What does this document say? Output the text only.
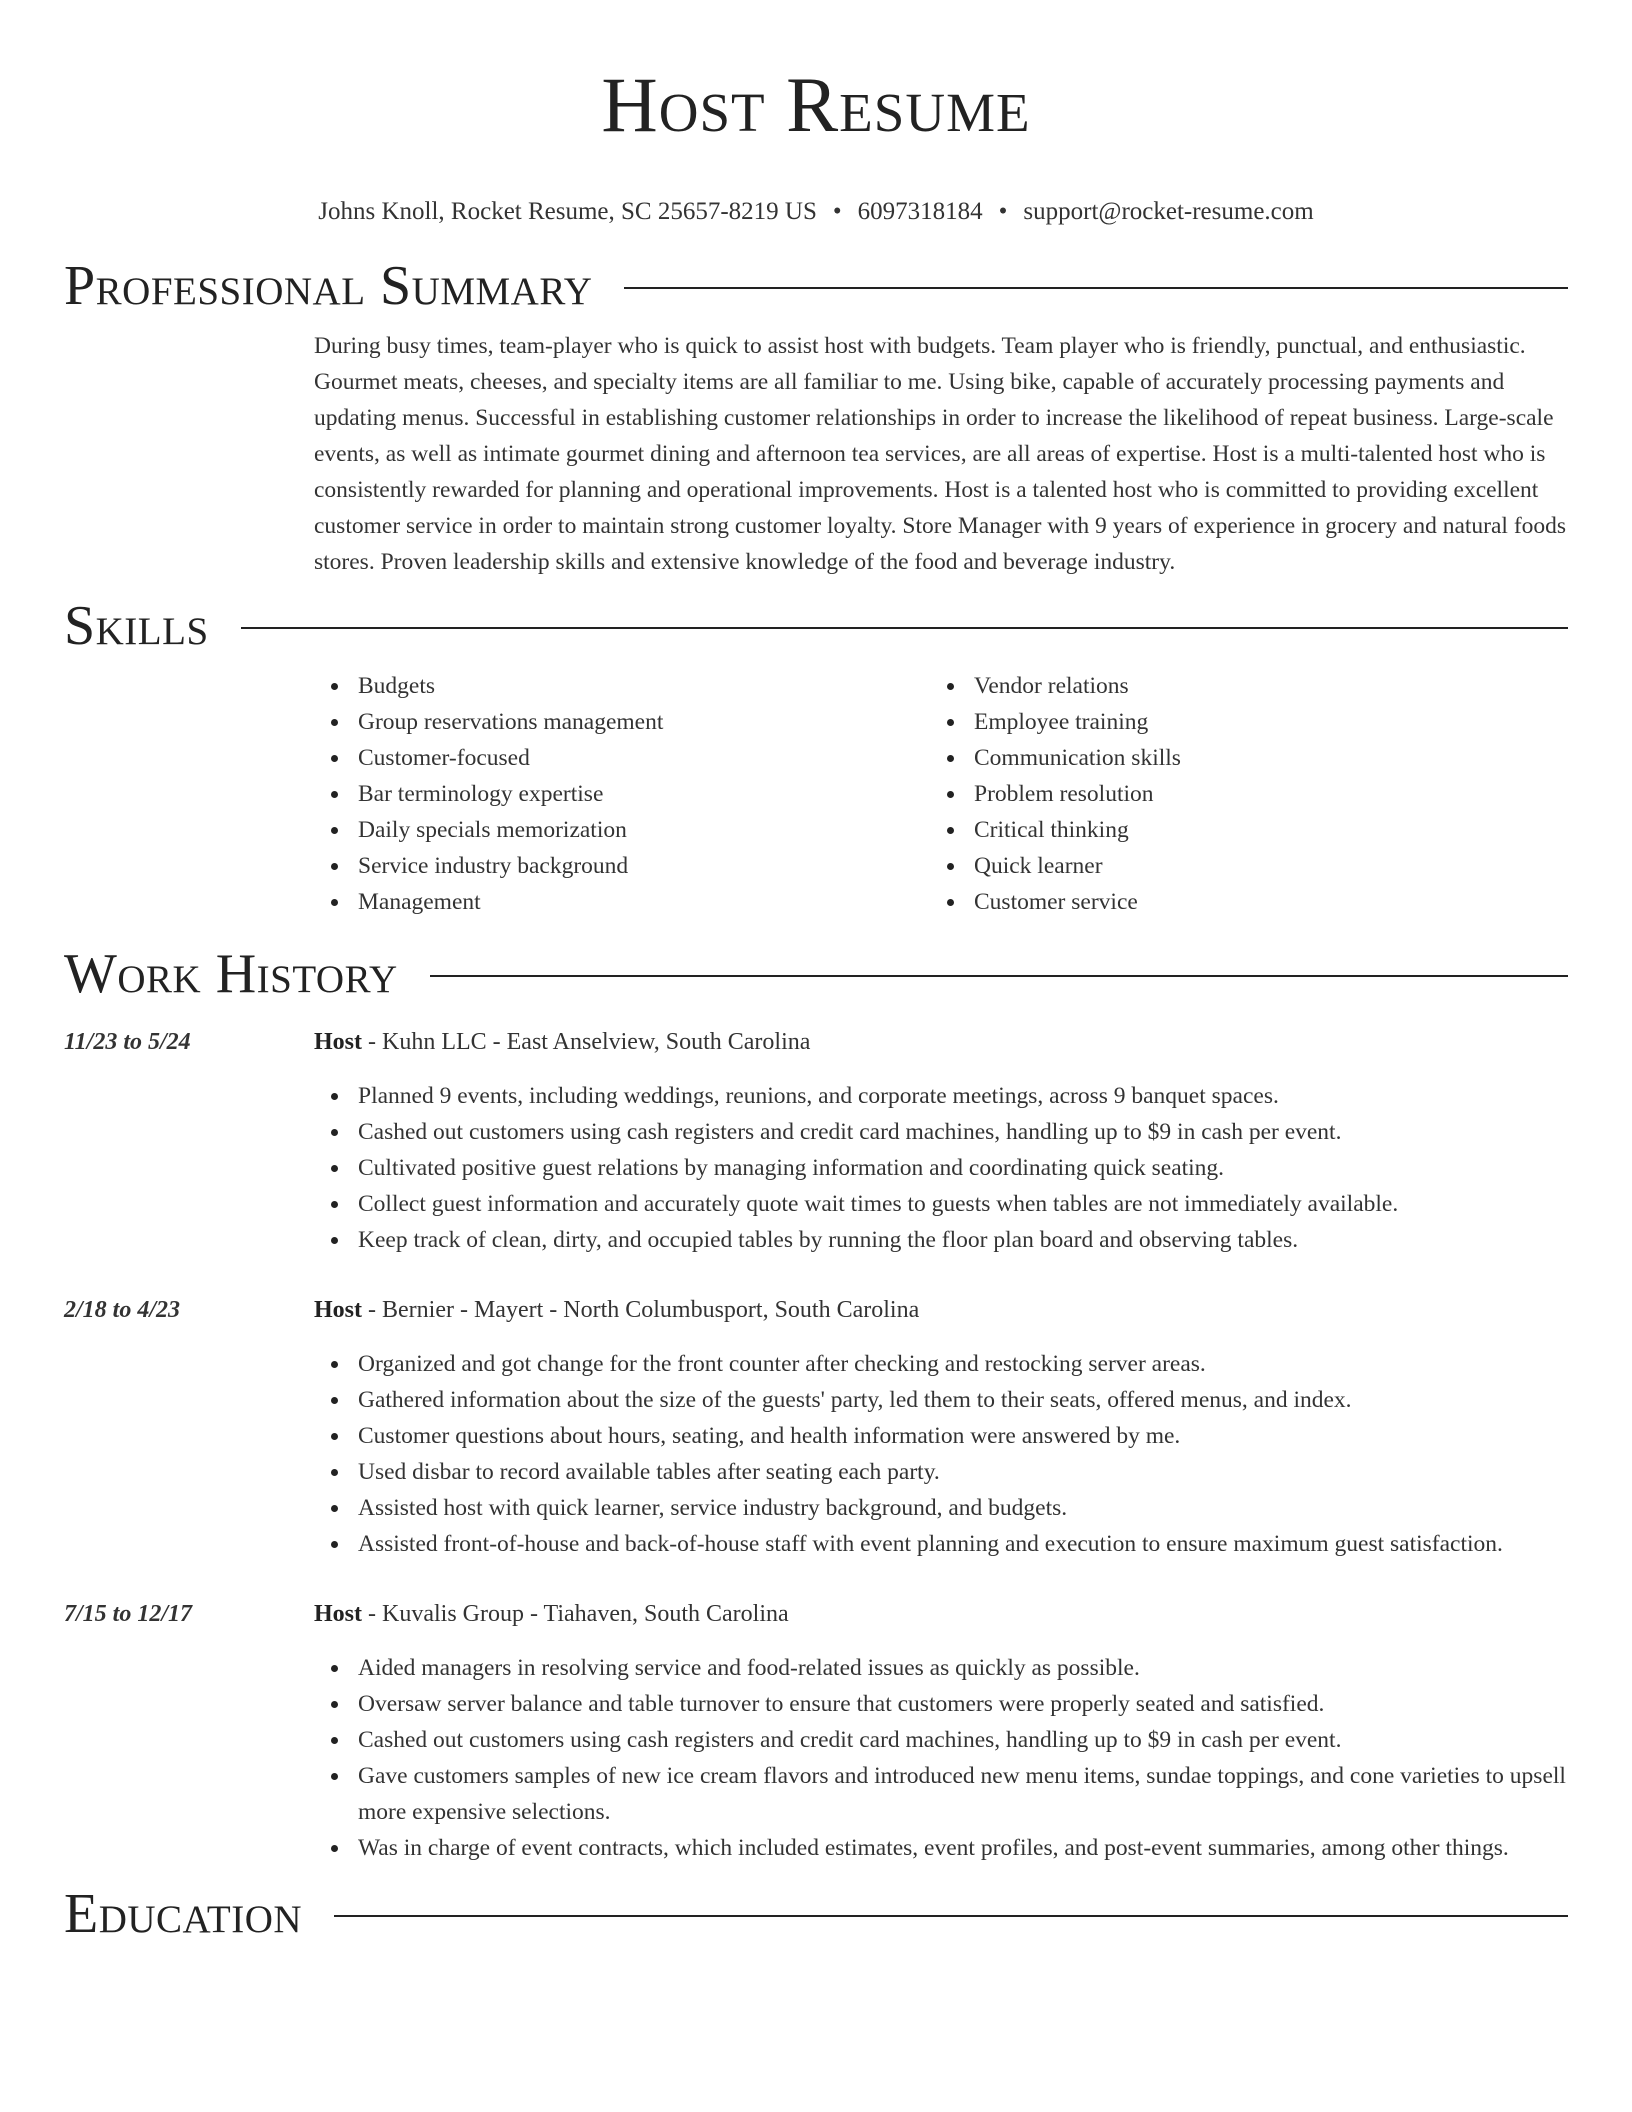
Host Resume
Johns Knoll, Rocket Resume, SC 25657-8219 US • 6097318184 • support@rocket-resume.com
Professional Summary
During busy times, team-player who is quick to assist host with budgets. Team player who is friendly, punctual, and enthusiastic. Gourmet meats, cheeses, and specialty items are all familiar to me. Using bike, capable of accurately processing payments and updating menus. Successful in establishing customer relationships in order to increase the likelihood of repeat business. Large-scale events, as well as intimate gourmet dining and afternoon tea services, are all areas of expertise. Host is a multi-talented host who is consistently rewarded for planning and operational improvements. Host is a talented host who is committed to providing excellent customer service in order to maintain strong customer loyalty. Store Manager with 9 years of experience in grocery and natural foods stores. Proven leadership skills and extensive knowledge of the food and beverage industry.
Skills
Budgets
Group reservations management
Customer-focused
Bar terminology expertise
Daily specials memorization
Service industry background
Management
Vendor relations
Employee training
Communication skills
Problem resolution
Critical thinking
Quick learner
Customer service
Work History
11/23 to 5/24	Host - Kuhn LLC - East Anselview, South Carolina
Planned 9 events, including weddings, reunions, and corporate meetings, across 9 banquet spaces.
Cashed out customers using cash registers and credit card machines, handling up to $9 in cash per event.
Cultivated positive guest relations by managing information and coordinating quick seating.
Collect guest information and accurately quote wait times to guests when tables are not immediately available.
Keep track of clean, dirty, and occupied tables by running the floor plan board and observing tables.
2/18 to 4/23	Host - Bernier - Mayert - North Columbusport, South Carolina
Organized and got change for the front counter after checking and restocking server areas.
Gathered information about the size of the guests' party, led them to their seats, offered menus, and index.
Customer questions about hours, seating, and health information were answered by me.
Used disbar to record available tables after seating each party.
Assisted host with quick learner, service industry background, and budgets.
Assisted front-of-house and back-of-house staff with event planning and execution to ensure maximum guest satisfaction.
7/15 to 12/17	Host - Kuvalis Group - Tiahaven, South Carolina
Aided managers in resolving service and food-related issues as quickly as possible.
Oversaw server balance and table turnover to ensure that customers were properly seated and satisfied.
Cashed out customers using cash registers and credit card machines, handling up to $9 in cash per event.
Gave customers samples of new ice cream flavors and introduced new menu items, sundae toppings, and cone varieties to upsell more expensive selections.
Was in charge of event contracts, which included estimates, event profiles, and post-event summaries, among other things.
Education
